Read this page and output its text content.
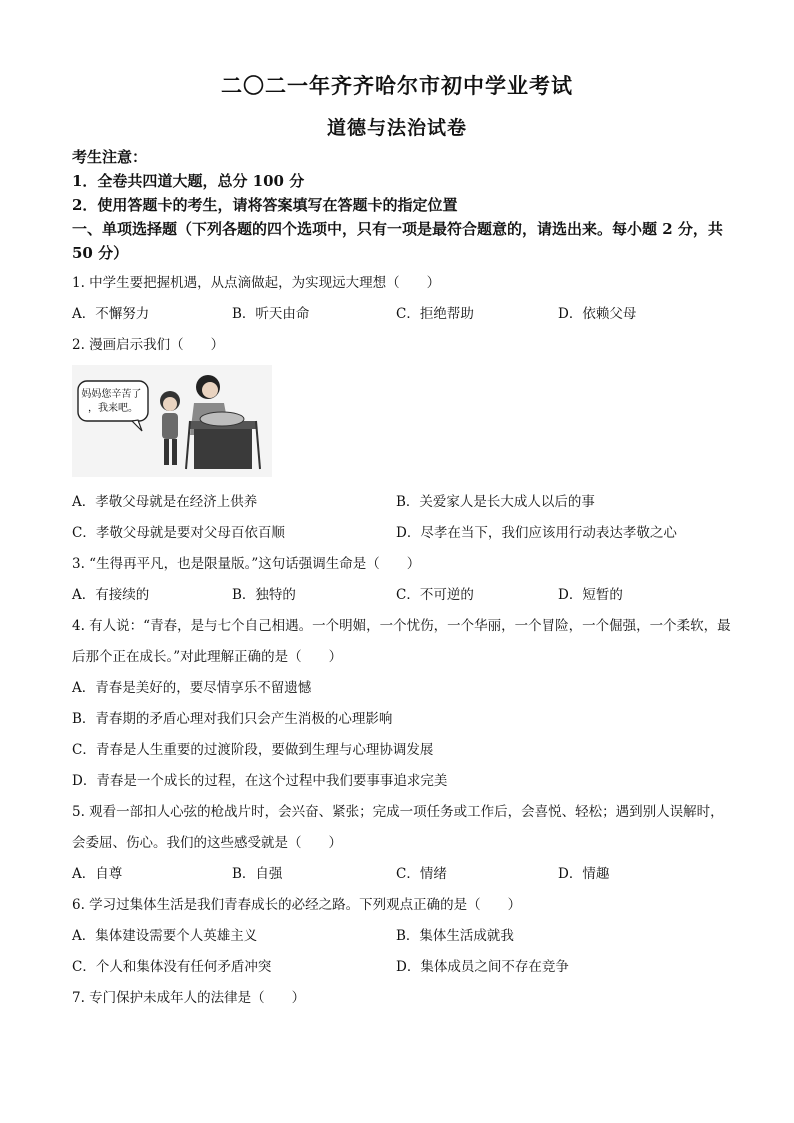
二〇二一年齐齐哈尔市初中学业考试
道德与法治试卷
考生注意：
1．全卷共四道大题，总分 100 分
2．使用答题卡的考生，请将答案填写在答题卡的指定位置
一、单项选择题（下列各题的四个选项中，只有一项是最符合题意的，请选出来。每小题 2 分，共 50 分）
1. 中学生要把握机遇，从点滴做起，为实现远大理想（　　）
A．不懈努力	B．听天由命	C．拒绝帮助	D．依赖父母
2. 漫画启示我们（　　）
妈妈您辛苦了 ，我来吧。
A．孝敬父母就是在经济上供养	B．关爱家人是长大成人以后的事
C．孝敬父母就是要对父母百依百顺	D．尽孝在当下，我们应该用行动表达孝敬之心
3. “生得再平凡，也是限量版。”这句话强调生命是（　　）
A．有接续的	B．独特的	C．不可逆的	D．短暂的
4. 有人说：“青春，是与七个自己相遇。一个明媚，一个忧伤，一个华丽，一个冒险，一个倔强，一个柔软，最后那个正在成长。”对此理解正确的是（　　）
A．青春是美好的，要尽情享乐不留遗憾
B．青春期的矛盾心理对我们只会产生消极的心理影响
C．青春是人生重要的过渡阶段，要做到生理与心理协调发展
D．青春是一个成长的过程，在这个过程中我们要事事追求完美
5. 观看一部扣人心弦的枪战片时，会兴奋、紧张；完成一项任务或工作后，会喜悦、轻松；遇到别人误解时，会委屈、伤心。我们的这些感受就是（　　）
A．自尊	B．自强	C．情绪	D．情趣
6. 学习过集体生活是我们青春成长的必经之路。下列观点正确的是（　　）
A．集体建设需要个人英雄主义	B．集体生活成就我
C．个人和集体没有任何矛盾冲突	D．集体成员之间不存在竞争
7. 专门保护未成年人的法律是（　　）
